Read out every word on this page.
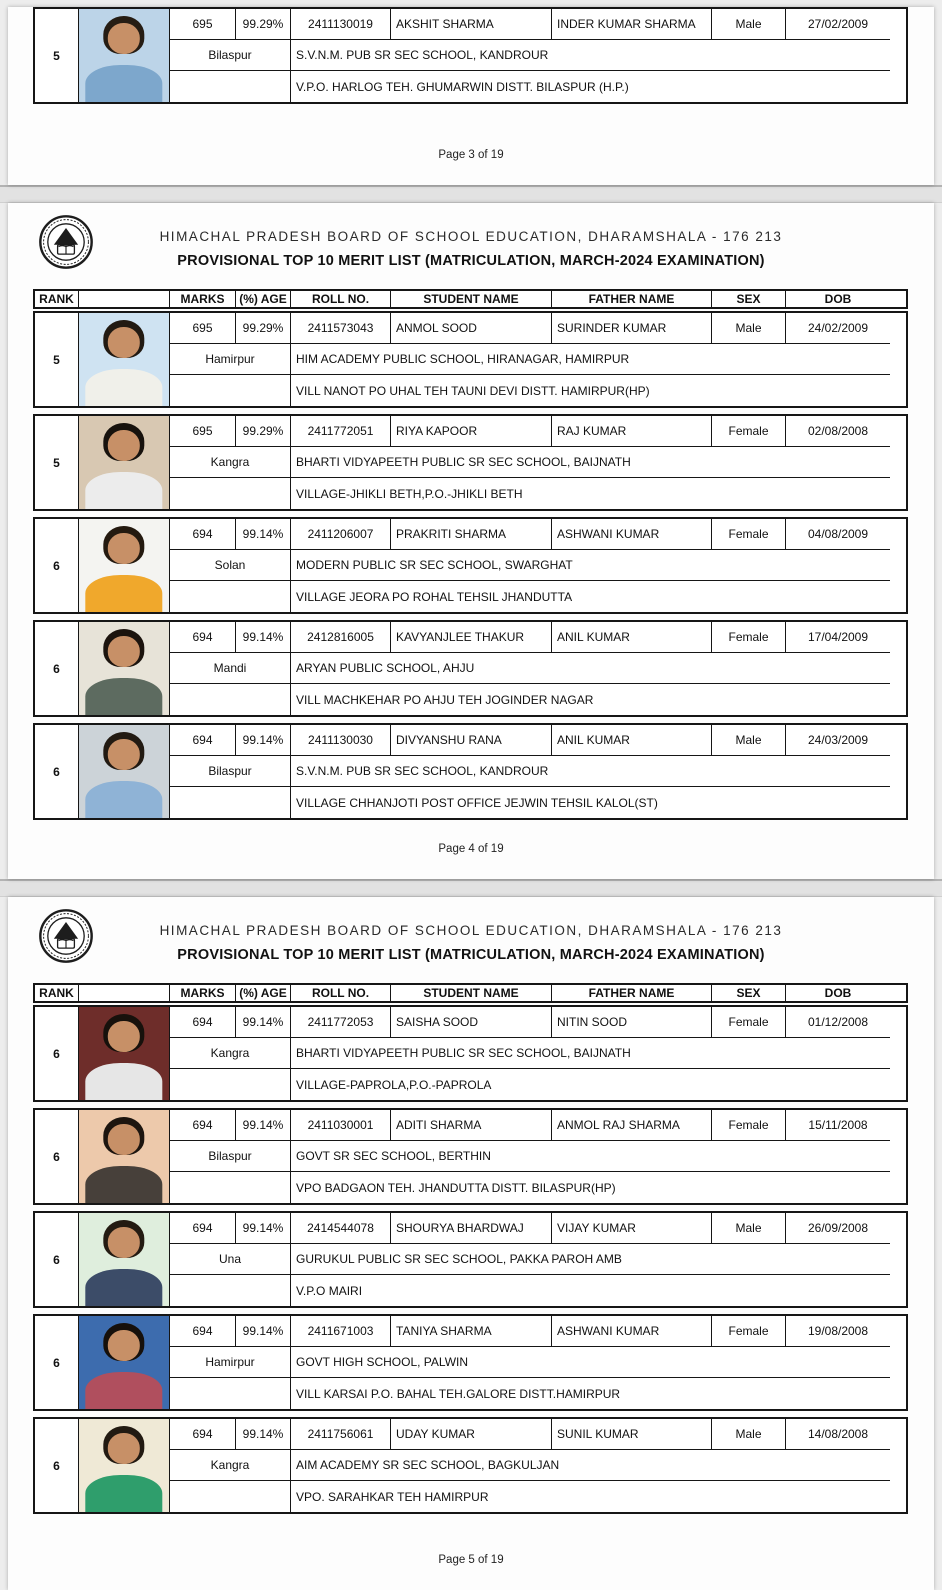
5
695	99.29%	2411130019	AKSHIT SHARMA	INDER KUMAR SHARMA	Male	27/02/2009
Bilaspur	S.V.N.M. PUB SR SEC SCHOOL, KANDROUR
V.P.O. HARLOG TEH. GHUMARWIN DISTT. BILASPUR (H.P.)
Page 3 of 19
HIMACHAL PRADESH BOARD OF SCHOOL EDUCATION, DHARAMSHALA - 176 213
PROVISIONAL TOP 10 MERIT LIST (MATRICULATION, MARCH-2024 EXAMINATION)
RANK	MARKS	(%) AGE	ROLL NO.	STUDENT NAME	FATHER NAME	SEX	DOB
5
695	99.29%	2411573043	ANMOL SOOD	SURINDER KUMAR	Male	24/02/2009
Hamirpur	HIM ACADEMY PUBLIC SCHOOL, HIRANAGAR, HAMIRPUR
VILL NANOT PO UHAL TEH TAUNI DEVI DISTT. HAMIRPUR(HP)
5
695	99.29%	2411772051	RIYA KAPOOR	RAJ KUMAR	Female	02/08/2008
Kangra	BHARTI VIDYAPEETH PUBLIC SR SEC SCHOOL, BAIJNATH
VILLAGE-JHIKLI BETH,P.O.-JHIKLI BETH
6
694	99.14%	2411206007	PRAKRITI SHARMA	ASHWANI KUMAR	Female	04/08/2009
Solan	MODERN PUBLIC SR SEC SCHOOL, SWARGHAT
VILLAGE JEORA PO ROHAL TEHSIL JHANDUTTA
6
694	99.14%	2412816005	KAVYANJLEE THAKUR	ANIL KUMAR	Female	17/04/2009
Mandi	ARYAN PUBLIC SCHOOL, AHJU
VILL MACHKEHAR PO AHJU TEH JOGINDER NAGAR
6
694	99.14%	2411130030	DIVYANSHU RANA	ANIL KUMAR	Male	24/03/2009
Bilaspur	S.V.N.M. PUB SR SEC SCHOOL, KANDROUR
VILLAGE CHHANJOTI POST OFFICE JEJWIN TEHSIL KALOL(ST)
Page 4 of 19
HIMACHAL PRADESH BOARD OF SCHOOL EDUCATION, DHARAMSHALA - 176 213
PROVISIONAL TOP 10 MERIT LIST (MATRICULATION, MARCH-2024 EXAMINATION)
RANK	MARKS	(%) AGE	ROLL NO.	STUDENT NAME	FATHER NAME	SEX	DOB
6
694	99.14%	2411772053	SAISHA SOOD	NITIN SOOD	Female	01/12/2008
Kangra	BHARTI VIDYAPEETH PUBLIC SR SEC SCHOOL, BAIJNATH
VILLAGE-PAPROLA,P.O.-PAPROLA
6
694	99.14%	2411030001	ADITI SHARMA	ANMOL RAJ SHARMA	Female	15/11/2008
Bilaspur	GOVT SR SEC SCHOOL, BERTHIN
VPO BADGAON TEH. JHANDUTTA DISTT. BILASPUR(HP)
6
694	99.14%	2414544078	SHOURYA BHARDWAJ	VIJAY KUMAR	Male	26/09/2008
Una	GURUKUL PUBLIC SR SEC SCHOOL, PAKKA PAROH AMB
V.P.O MAIRI
6
694	99.14%	2411671003	TANIYA SHARMA	ASHWANI KUMAR	Female	19/08/2008
Hamirpur	GOVT HIGH SCHOOL, PALWIN
VILL KARSAI P.O. BAHAL TEH.GALORE DISTT.HAMIRPUR
6
694	99.14%	2411756061	UDAY KUMAR	SUNIL KUMAR	Male	14/08/2008
Kangra	AIM ACADEMY SR SEC SCHOOL, BAGKULJAN
VPO. SARAHKAR TEH HAMIRPUR
Page 5 of 19
